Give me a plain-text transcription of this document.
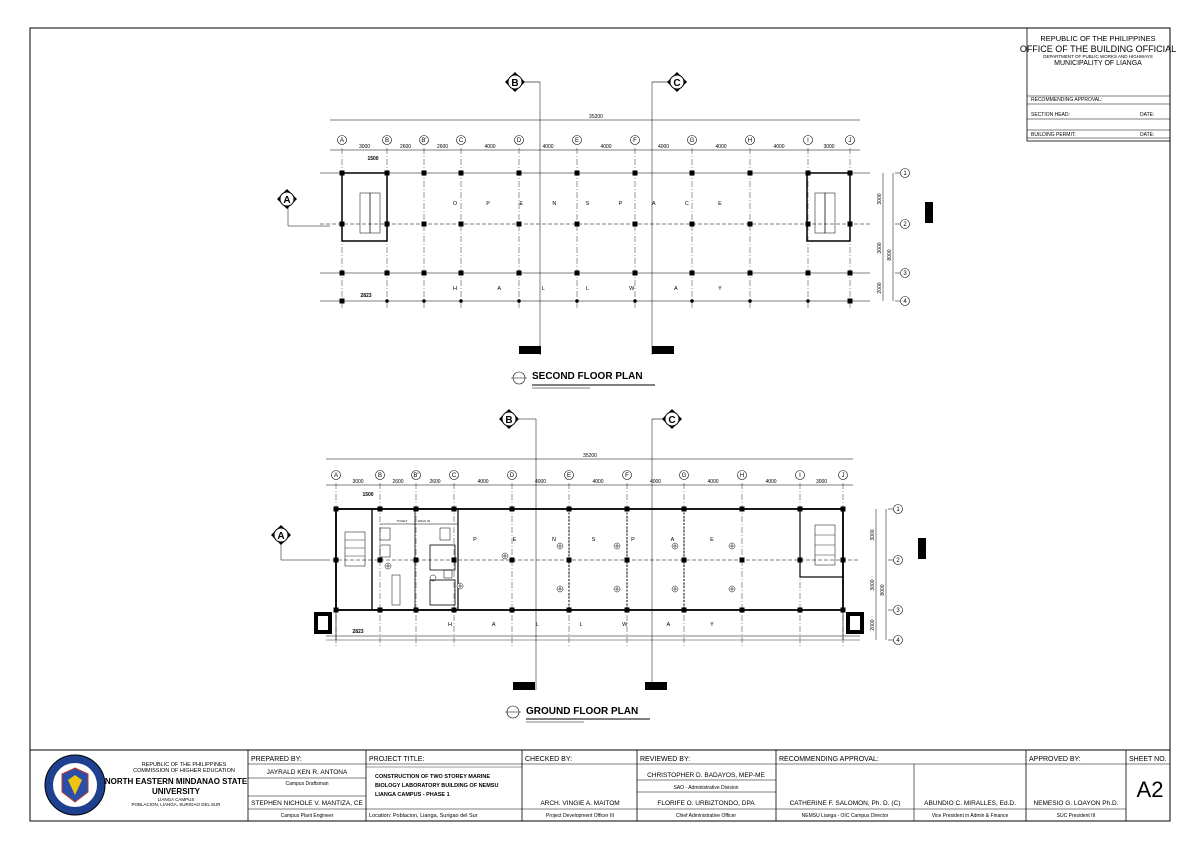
REPUBLIC OF THE PHILIPPINES
OFFICE OF THE BUILDING OFFICIAL
DEPARTMENT OF PUBLIC WORKS AND HIGHWAYS
MUNICIPALITY OF LIANGA
RECOMMENDING APPROVAL:
SECTION HEAD:	DATE:
BUILDING PERMIT:	DATE:
B	C
A
35200
3000	2600	2600	4000	4000	4000	4000	4000	4000	3000
1500
A	B	B'	C	D	E	F	G	H	I	J
O	P	E	N	S	P	A	C	E
H	A	L	L	W	A	Y
2823
3000
3000
2000
8000
1
2
3
4
SECOND FLOOR PLAN
B	C
A
35200
3000	2600	2600	4000	4000	4000	4000	4000	4000	3000
1500
A	B	B'	C	D	E	F	G	H	I	J
TOILET	WALK IN
P	E	N	S	P	A	E
H	A	L	L	W	A	Y
2823
3000
3000
2000
8000
1
2
3
4
GROUND FLOOR PLAN
REPUBLIC OF THE PHILIPPINES
COMMISSION OF HIGHER EDUCATION
NORTH EASTERN MINDANAO STATE
UNIVERSITY
LIANGA CAMPUS
POBLACION, LIANGA, SURIGAO DEL SUR
PREPARED BY:
JAYRALD KEN R. ANTONA
Campus Draftsman
STEPHEN NICHOLE V. MANTIZA, CE
Campus Plant Engineer
PROJECT TITLE:
CONSTRUCTION OF TWO STOREY MARINE
BIOLOGY LABORATORY BUILDING OF NEMSU
LIANGA CAMPUS - PHASE 1
Location: Poblacion, Lianga, Surigao del Sur
CHECKED BY:
ARCH. VINGIE A. MAITOM
Project Development Officer III
REVIEWED BY:
CHRISTOPHER D. BADAYOS, MEP-ME
SAO - Administrative Division
FLORIFE O. URBIZTONDO, DPA
Chief Administrative Officer
RECOMMENDING APPROVAL:
CATHERINE F. SALOMON, Ph. D. (C)
NEMSU Lianga - OIC Campus Director
ABUNDIO C. MIRALLES, Ed.D.
Vice President in Admin & Finance
APPROVED BY:
NEMESIO G. LOAYON Ph.D.
SUC President III
SHEET NO.
A2
